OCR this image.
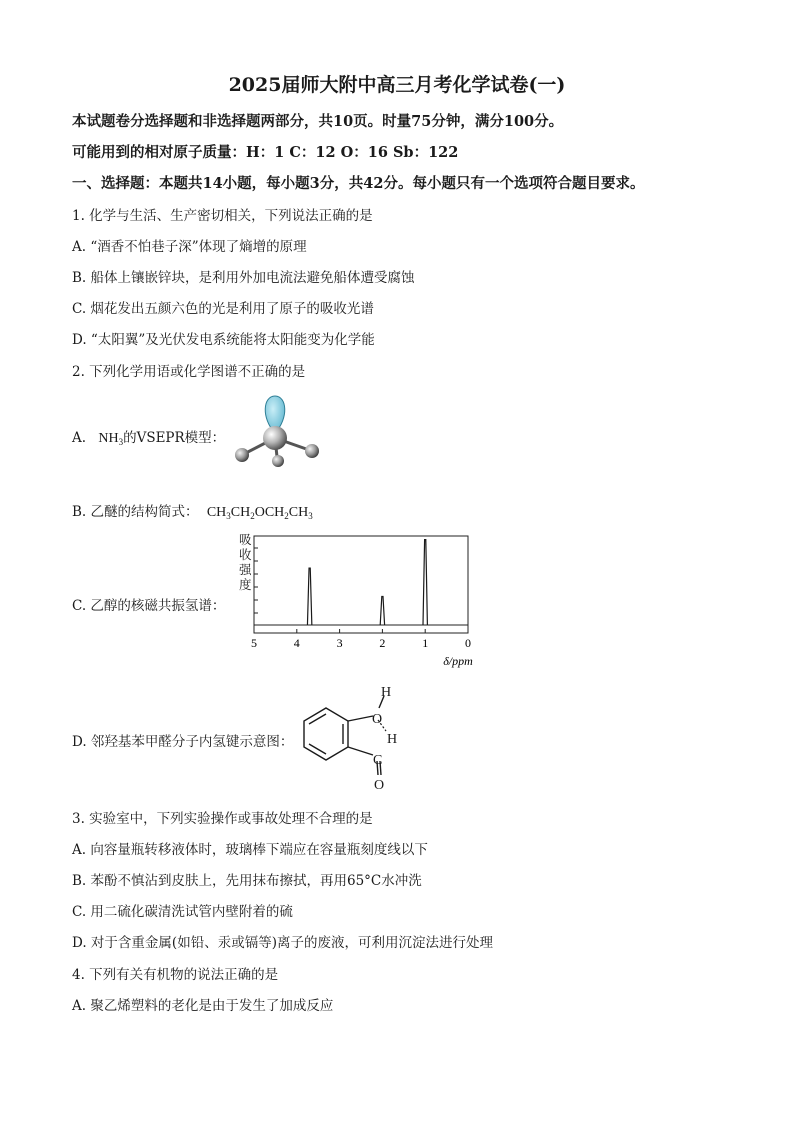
2025届师大附中高三月考化学试卷(一)
本试题卷分选择题和非选择题两部分，共10页。时量75分钟，满分100分。
可能用到的相对原子质量：H：1 C：12 O：16 Sb：122
一、选择题：本题共14小题，每小题3分，共42分。每小题只有一个选项符合题目要求。
1. 化学与生活、生产密切相关，下列说法正确的是
A. “酒香不怕巷子深”体现了熵增的原理
B. 船体上镶嵌锌块，是利用外加电流法避免船体遭受腐蚀
C. 烟花发出五颜六色的光是利用了原子的吸收光谱
D. “太阳翼”及光伏发电系统能将太阳能变为化学能
2. 下列化学用语或化学图谱不正确的是
A. $NH_3$的VSEPR模型：
B. 乙醚的结构简式： $CH_3CH_2OCH_2CH_3$
C. 乙醇的核磁共振氢谱：
吸
收
强
度
5	4	3	2	1	0
δ/ppm
D. 邻羟基苯甲醛分子内氢键示意图：
H
O
H
C
O
3. 实验室中，下列实验操作或事故处理不合理的是
A. 向容量瓶转移液体时，玻璃棒下端应在容量瓶刻度线以下
B. 苯酚不慎沾到皮肤上，先用抹布擦拭，再用65°C水冲洗
C. 用二硫化碳清洗试管内壁附着的硫
D. 对于含重金属(如铅、汞或镉等)离子的废液，可利用沉淀法进行处理
4. 下列有关有机物的说法正确的是
A. 聚乙烯塑料的老化是由于发生了加成反应
